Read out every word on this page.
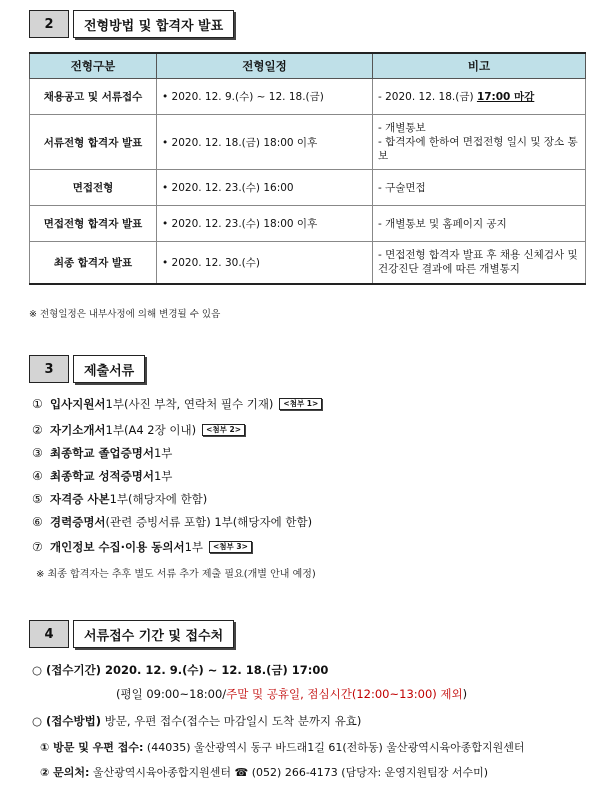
2	전형방법 및 합격자 발표
전형구분	전형일정	비고
채용공고 및 서류접수	• 2020. 12. 9.(수) ~ 12. 18.(금)	- 2020. 12. 18.(금) 17:00 마감
서류전형 합격자 발표	• 2020. 12. 18.(금) 18:00 이후	- 개별통보
- 합격자에 한하여 면접전형 일시 및 장소 통보

면접전형	• 2020. 12. 23.(수) 16:00	- 구술면접
면접전형 합격자 발표	• 2020. 12. 23.(수) 18:00 이후	- 개별통보 및 홈페이지 공지
최종 합격자 발표	• 2020. 12. 30.(수)	- 면접전형 합격자 발표 후 채용 신체검사 및 건강진단 결과에 따른 개별통지
※ 전형일정은 내부사정에 의해 변경될 수 있음
3	제출서류
① 입사지원서 1부(사진 부착, 연락처 필수 기재)	<첨부 1>
② 자기소개서 1부(A4 2장 이내)	<첨부 2>
③ 최종학교 졸업증명서 1부
④ 최종학교 성적증명서 1부
⑤ 자격증 사본 1부(해당자에 한함)
⑥ 경력증명서 (관련 증빙서류 포함) 1부(해당자에 한함)
⑦ 개인정보 수집·이용 동의서 1부	<첨부 3>
※ 최종 합격자는 추후 별도 서류 추가 제출 필요(개별 안내 예정)
4	서류접수 기간 및 접수처
○ (접수기간) 2020. 12. 9.(수) ~ 12. 18.(금) 17:00
(평일 09:00~18:00/주말 및 공휴일, 점심시간(12:00~13:00) 제외)
○ (접수방법) 방문, 우편 접수(접수는 마감일시 도착 분까지 유효)
① 방문 및 우편 접수: (44035) 울산광역시 동구 바드래1길 61(전하동) 울산광역시육아종합지원센터
② 문의처: 울산광역시육아종합지원센터 ☎ (052) 266-4173 (담당자: 운영지원팀장 서수미)
